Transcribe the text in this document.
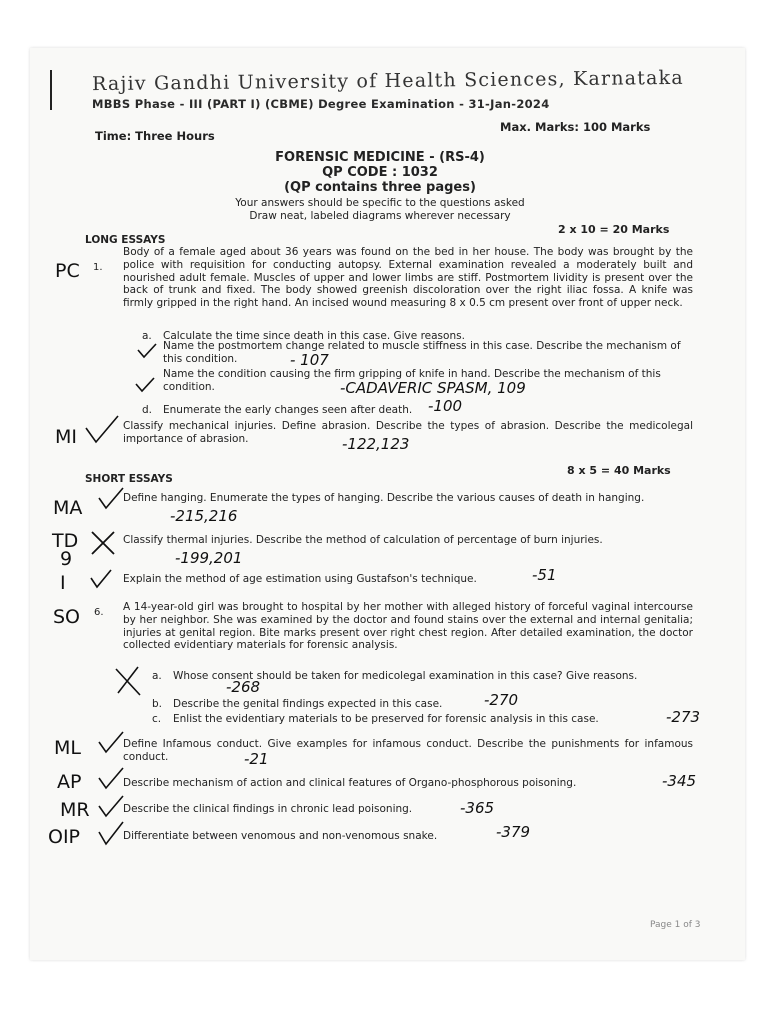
Rajiv Gandhi University of Health Sciences, Karnataka
MBBS Phase - III (PART I) (CBME) Degree Examination - 31-Jan-2024
Time: Three Hours
Max. Marks: 100 Marks
FORENSIC MEDICINE - (RS-4)
QP CODE : 1032
(QP contains three pages)
Your answers should be specific to the questions asked
Draw neat, labeled diagrams wherever necessary
2 x 10 = 20 Marks
LONG ESSAYS
PC 1.
Body of a female aged about 36 years was found on the bed in her house. The body was brought by the police with requisition for conducting autopsy. External examination revealed a moderately built and nourished adult female. Muscles of upper and lower limbs are stiff. Postmortem lividity is present over the back of trunk and fixed. The body showed greenish discoloration over the right iliac fossa. A knife was firmly gripped in the right hand. An incised wound measuring 8 x 0.5 cm present over front of upper neck.
a. Calculate the time since death in this case. Give reasons.
Name the postmortem change related to muscle stiffness in this case. Describe the mechanism of this condition.	- 107
Name the condition causing the firm gripping of knife in hand. Describe the mechanism of this condition.	-CADAVERIC SPASM, 109
d. Enumerate the early changes seen after death.	-100
MI	Classify mechanical injuries. Define abrasion. Describe the types of abrasion. Describe the medicolegal importance of abrasion.	-122,123
8 x 5 = 40 Marks
SHORT ESSAYS
MA	Define hanging. Enumerate the types of hanging. Describe the various causes of death in hanging.
-215,216
TD
9
Classify thermal injuries. Describe the method of calculation of percentage of burn injuries.
-199,201
I	Explain the method of age estimation using Gustafson's technique.	-51
SO 6. A 14-year-old girl was brought to hospital by her mother with alleged history of forceful vaginal intercourse by her neighbor. She was examined by the doctor and found stains over the external and internal genitalia; injuries at genital region. Bite marks present over right chest region. After detailed examination, the doctor collected evidentiary materials for forensic analysis.
a. Whose consent should be taken for medicolegal examination in this case? Give reasons.
-268
b. Describe the genital findings expected in this case.	-270
c. Enlist the evidentiary materials to be preserved for forensic analysis in this case.	-273
ML	Define Infamous conduct. Give examples for infamous conduct. Describe the punishments for infamous conduct.	-21
AP	Describe mechanism of action and clinical features of Organo-phosphorous poisoning.	-345
MR	Describe the clinical findings in chronic lead poisoning.	-365
OIP	Differentiate between venomous and non-venomous snake.	-379
Page 1 of 3
